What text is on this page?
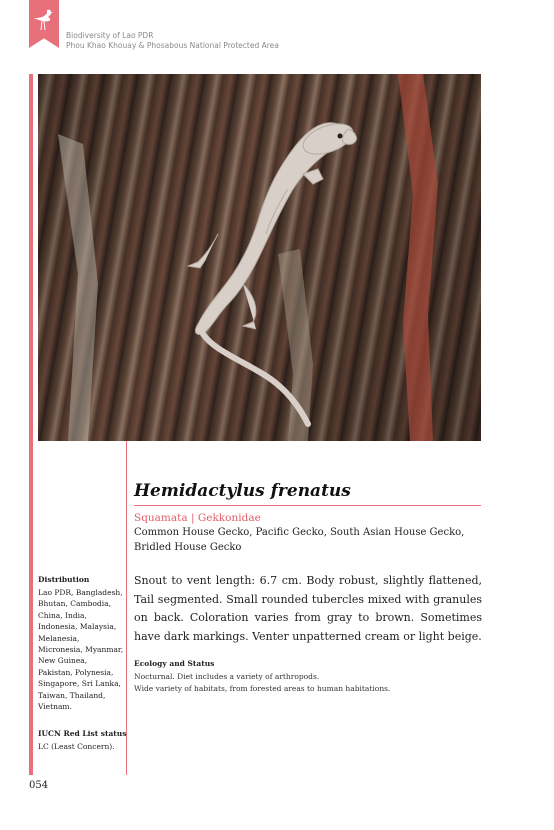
Biodiversity of Lao PDR
Phou Khao Khouay & Phosabous National Protected Area
Hemidactylus frenatus
Squamata | Gekkonidae
Common House Gecko, Pacific Gecko, South Asian House Gecko, Bridled House Gecko
Snout to vent length: 6.7 cm. Body robust, slightly flattened, Tail segmented. Small rounded tubercles mixed with granules on back. Coloration varies from gray to brown. Sometimes have dark markings. Venter unpatterned cream or light beige.
Ecology and Status
Nocturnal. Diet includes a variety of arthropods.
Wide variety of habitats, from forested areas to human habitations.
Distribution
Lao PDR, Bangladesh, Bhutan, Cambodia, China, India, Indonesia, Malaysia, Melanesia, Micronesia, Myanmar, New Guinea, Pakistan, Polynesia, Singapore, Sri Lanka, Taiwan, Thailand, Vietnam.
IUCN Red List status
LC (Least Concern).
054
